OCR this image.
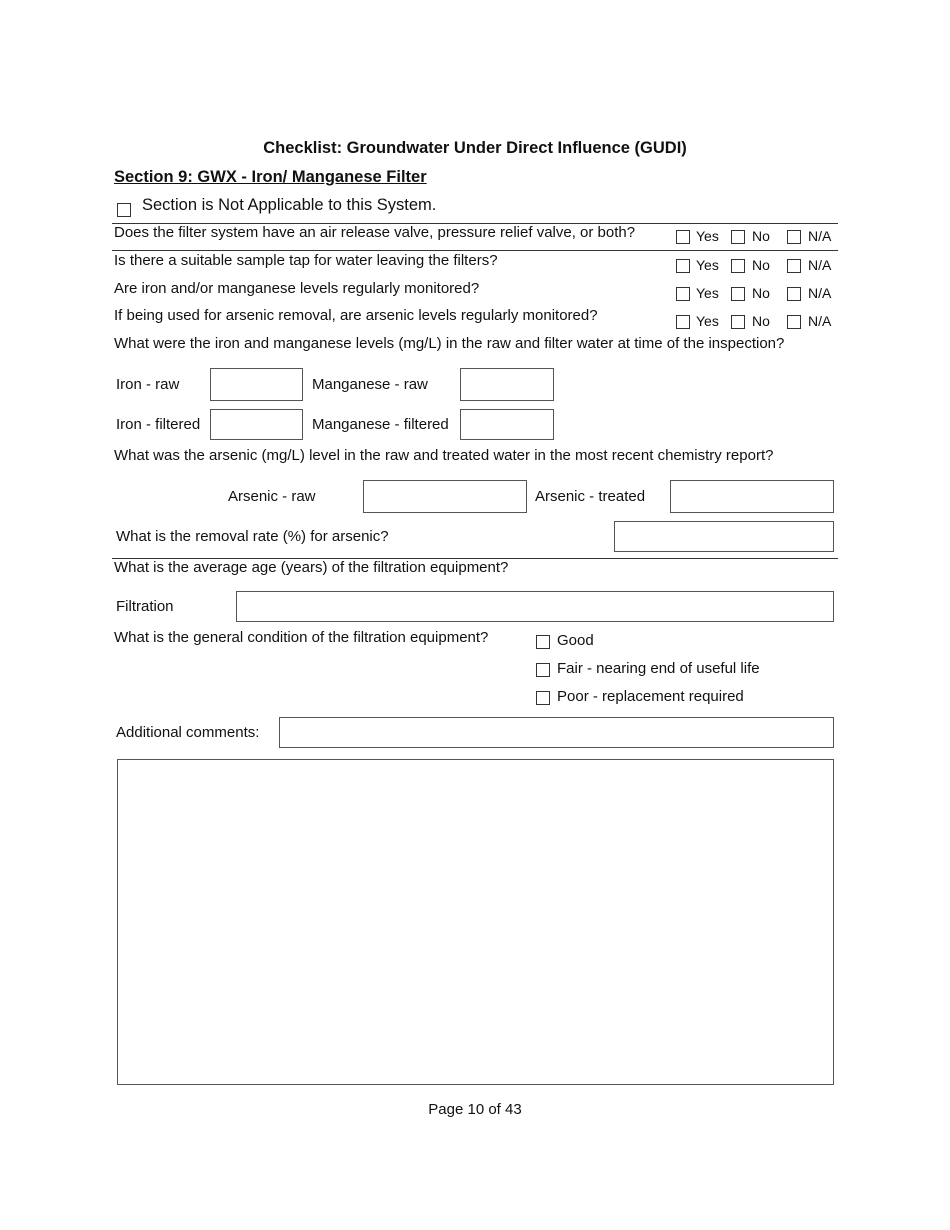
Checklist: Groundwater Under Direct Influence (GUDI)
Section 9: GWX - Iron/ Manganese Filter
Section is Not Applicable to this System.
Does the filter system have an air release valve, pressure relief valve, or both?	Yes No	N/A
Is there a suitable sample tap for water leaving the filters?	Yes No	N/A
Are iron and/or manganese levels regularly monitored?	Yes No	N/A
If being used for arsenic removal, are arsenic levels regularly monitored?	Yes No	N/A
What were the iron and manganese levels (mg/L) in the raw and filter water at time of the inspection?
Iron - raw	Manganese - raw
Iron - filtered	Manganese - filtered
What was the arsenic (mg/L) level in the raw and treated water in the most recent chemistry report?
Arsenic - raw	Arsenic - treated
What is the removal rate (%) for arsenic?
What is the average age (years) of the filtration equipment?
Filtration
What is the general condition of the filtration equipment?	Good
Fair - nearing end of useful life
Poor - replacement required
Additional comments:
Page 10 of 43
